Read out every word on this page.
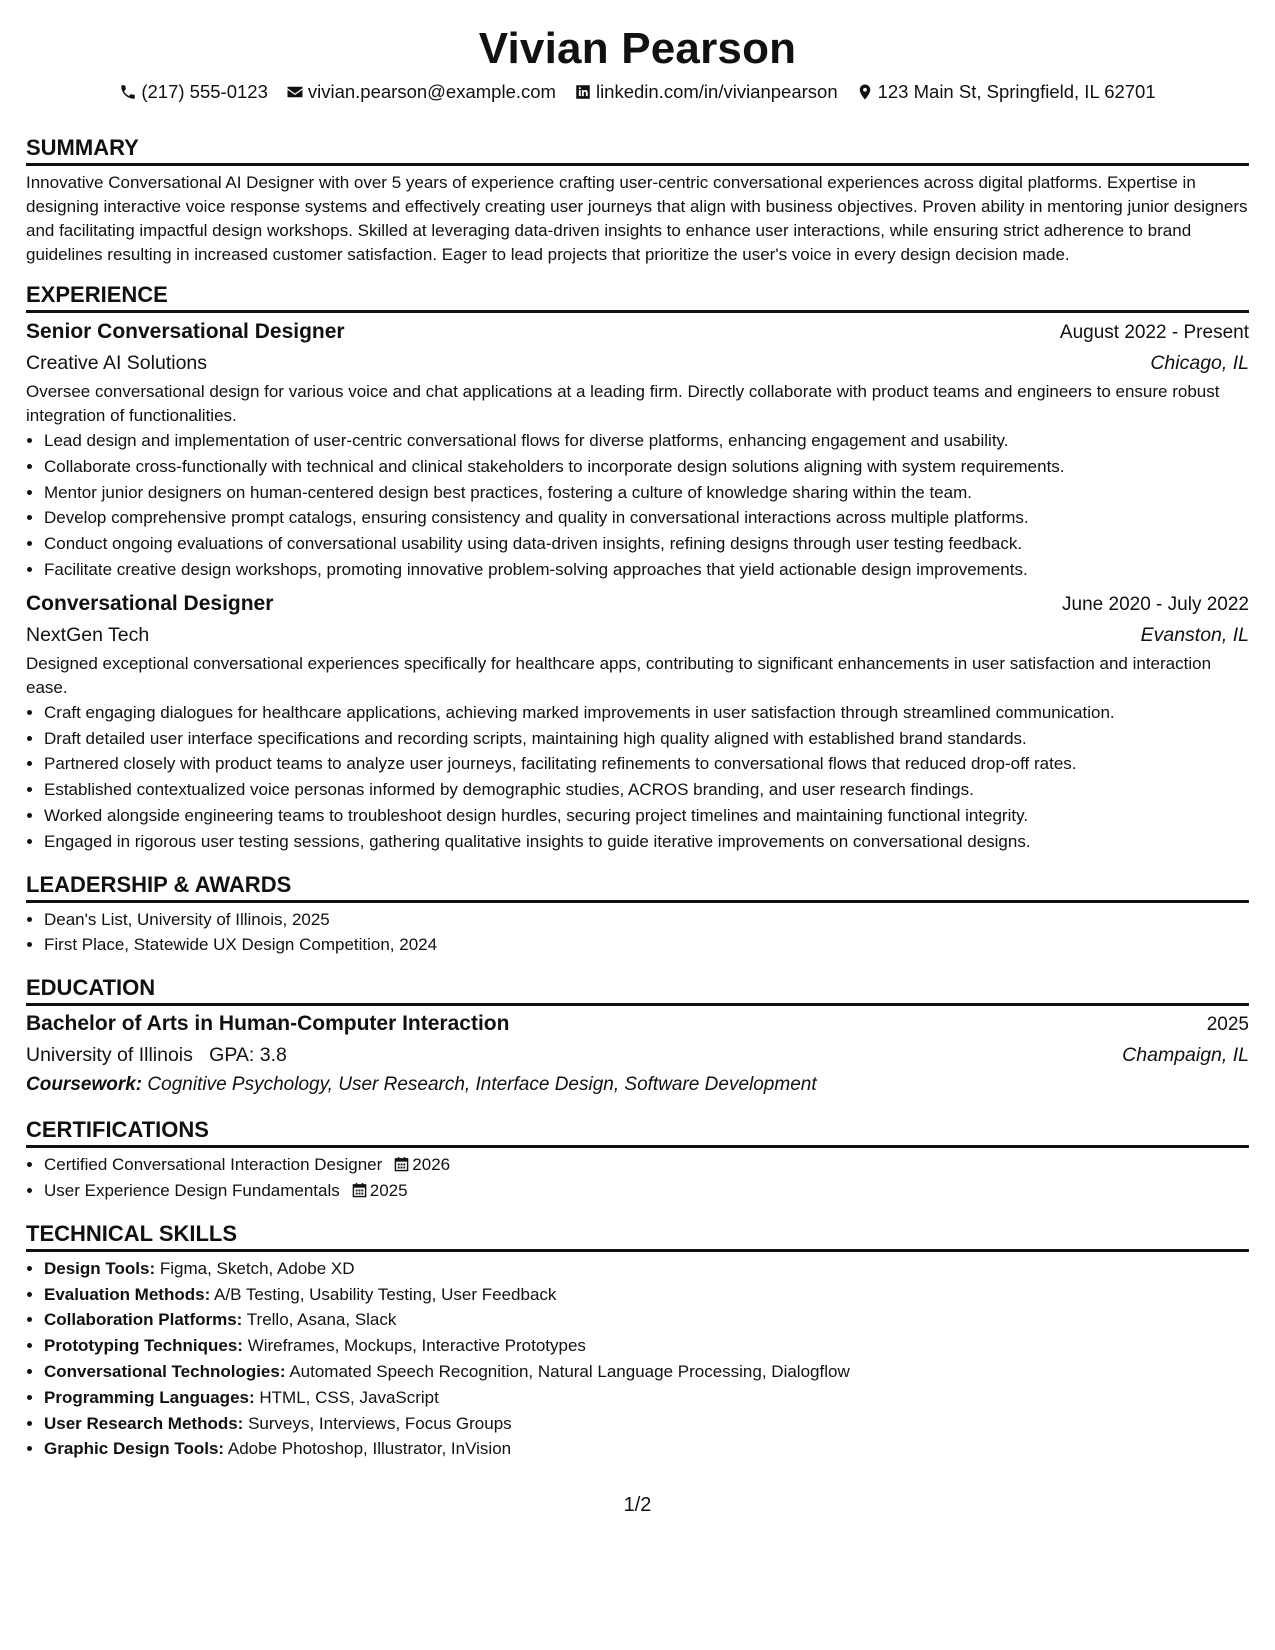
Vivian Pearson
(217) 555-0123 vivian.pearson@example.com linkedin.com/in/vivianpearson 123 Main St, Springfield, IL 62701
SUMMARY
Innovative Conversational AI Designer with over 5 years of experience crafting user-centric conversational experiences across digital platforms. Expertise in designing interactive voice response systems and effectively creating user journeys that align with business objectives. Proven ability in mentoring junior designers and facilitating impactful design workshops. Skilled at leveraging data-driven insights to enhance user interactions, while ensuring strict adherence to brand guidelines resulting in increased customer satisfaction. Eager to lead projects that prioritize the user's voice in every design decision made.
EXPERIENCE
Senior Conversational Designer	August 2022 - Present
Creative AI Solutions	Chicago, IL
Oversee conversational design for various voice and chat applications at a leading firm. Directly collaborate with product teams and engineers to ensure robust integration of functionalities.
• Lead design and implementation of user-centric conversational flows for diverse platforms, enhancing engagement and usability.
• Collaborate cross-functionally with technical and clinical stakeholders to incorporate design solutions aligning with system requirements.
• Mentor junior designers on human-centered design best practices, fostering a culture of knowledge sharing within the team.
• Develop comprehensive prompt catalogs, ensuring consistency and quality in conversational interactions across multiple platforms.
• Conduct ongoing evaluations of conversational usability using data-driven insights, refining designs through user testing feedback.
• Facilitate creative design workshops, promoting innovative problem-solving approaches that yield actionable design improvements.
Conversational Designer	June 2020 - July 2022
NextGen Tech	Evanston, IL
Designed exceptional conversational experiences specifically for healthcare apps, contributing to significant enhancements in user satisfaction and interaction ease.
• Craft engaging dialogues for healthcare applications, achieving marked improvements in user satisfaction through streamlined communication.
• Draft detailed user interface specifications and recording scripts, maintaining high quality aligned with established brand standards.
• Partnered closely with product teams to analyze user journeys, facilitating refinements to conversational flows that reduced drop-off rates.
• Established contextualized voice personas informed by demographic studies, ACROS branding, and user research findings.
• Worked alongside engineering teams to troubleshoot design hurdles, securing project timelines and maintaining functional integrity.
• Engaged in rigorous user testing sessions, gathering qualitative insights to guide iterative improvements on conversational designs.
LEADERSHIP & AWARDS
• Dean's List, University of Illinois, 2025
• First Place, Statewide UX Design Competition, 2024
EDUCATION
Bachelor of Arts in Human-Computer Interaction	2025
University of Illinois GPA: 3.8	Champaign, IL
Coursework: Cognitive Psychology, User Research, Interface Design, Software Development
CERTIFICATIONS
• Certified Conversational Interaction Designer 2026
• User Experience Design Fundamentals 2025
TECHNICAL SKILLS
• Design Tools: Figma, Sketch, Adobe XD
• Evaluation Methods: A/B Testing, Usability Testing, User Feedback
• Collaboration Platforms: Trello, Asana, Slack
• Prototyping Techniques: Wireframes, Mockups, Interactive Prototypes
• Conversational Technologies: Automated Speech Recognition, Natural Language Processing, Dialogflow
• Programming Languages: HTML, CSS, JavaScript
• User Research Methods: Surveys, Interviews, Focus Groups
• Graphic Design Tools: Adobe Photoshop, Illustrator, InVision
1/2
